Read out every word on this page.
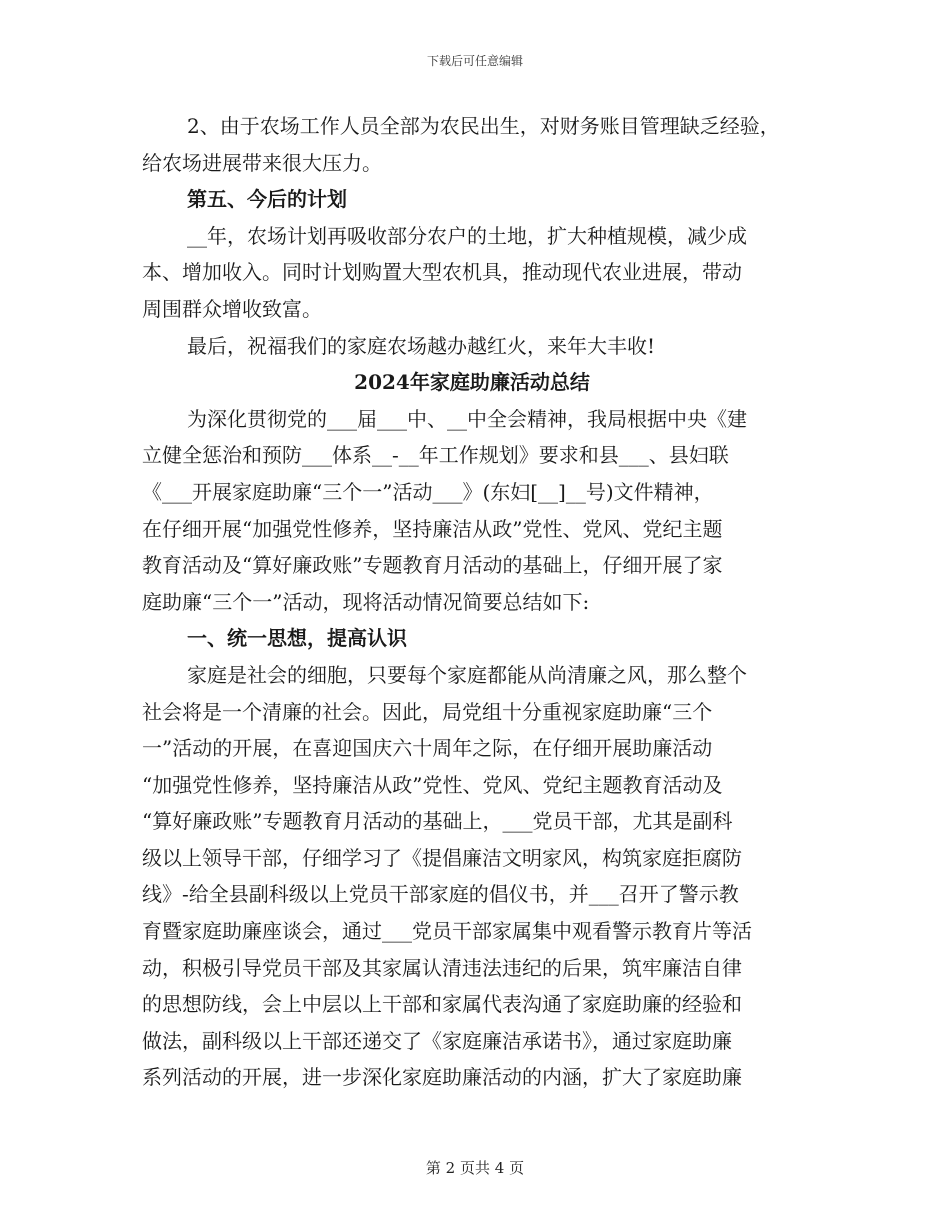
下载后可任意编辑
2、由于农场工作人员全部为农民出生，对财务账目管理缺乏经验，
给农场进展带来很大压力。
第五、今后的计划
__年，农场计划再吸收部分农户的土地，扩大种植规模，减少成
本、增加收入。同时计划购置大型农机具，推动现代农业进展，带动
周围群众增收致富。
最后，祝福我们的家庭农场越办越红火，来年大丰收!
2024年家庭助廉活动总结
为深化贯彻党的___届___中、__中全会精神，我局根据中央《建
立健全惩治和预防___体系__-__年工作规划》要求和县___、县妇联
《___开展家庭助廉“三个一”活动___》(东妇[__]__号)文件精神，
在仔细开展“加强党性修养，坚持廉洁从政”党性、党风、党纪主题
教育活动及“算好廉政账”专题教育月活动的基础上，仔细开展了家
庭助廉“三个一”活动，现将活动情况简要总结如下:
一、统一思想，提高认识
家庭是社会的细胞，只要每个家庭都能从尚清廉之风，那么整个
社会将是一个清廉的社会。因此，局党组十分重视家庭助廉“三个
一”活动的开展，在喜迎国庆六十周年之际，在仔细开展助廉活动
“加强党性修养，坚持廉洁从政”党性、党风、党纪主题教育活动及
“算好廉政账”专题教育月活动的基础上，___党员干部，尤其是副科
级以上领导干部，仔细学习了《提倡廉洁文明家风，构筑家庭拒腐防
线》-给全县副科级以上党员干部家庭的倡仪书，并___召开了警示教
育暨家庭助廉座谈会，通过___党员干部家属集中观看警示教育片等活
动，积极引导党员干部及其家属认清违法违纪的后果，筑牢廉洁自律
的思想防线，会上中层以上干部和家属代表沟通了家庭助廉的经验和
做法，副科级以上干部还递交了《家庭廉洁承诺书》，通过家庭助廉
系列活动的开展，进一步深化家庭助廉活动的内涵，扩大了家庭助廉
第 2 页共 4 页
